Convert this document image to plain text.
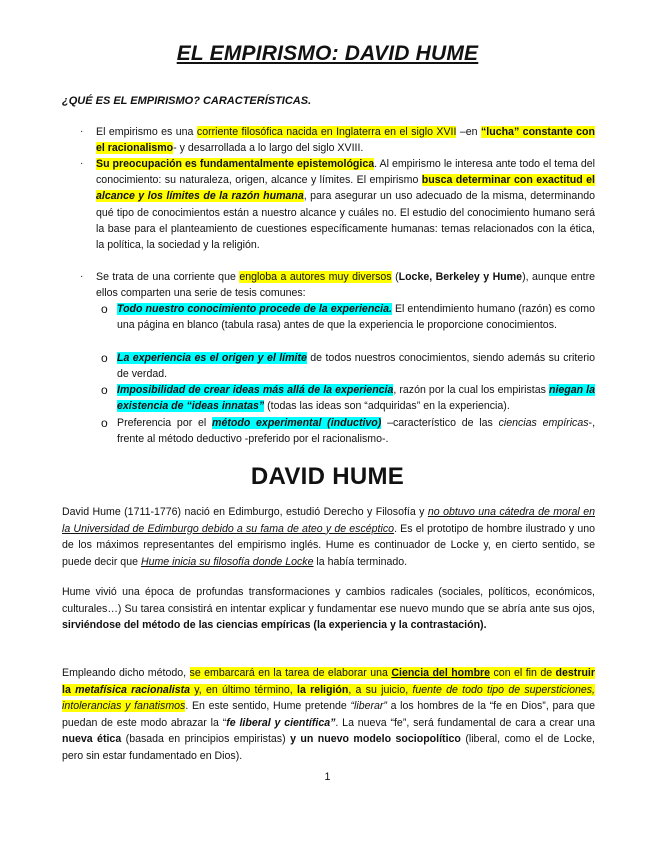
EL EMPIRISMO: DAVID HUME
¿QUÉ ES EL EMPIRISMO? CARACTERÍSTICAS.
· El empirismo es una corriente filosófica nacida en Inglaterra en el siglo XVII –en “lucha” constante con el racionalismo- y desarrollada a lo largo del siglo XVIII.
· Su preocupación es fundamentalmente epistemológica. Al empirismo le interesa ante todo el tema del conocimiento: su naturaleza, origen, alcance y límites. El empirismo busca determinar con exactitud el alcance y los límites de la razón humana, para asegurar un uso adecuado de la misma, determinando qué tipo de conocimientos están a nuestro alcance y cuáles no. El estudio del conocimiento humano será la base para el planteamiento de cuestiones específicamente humanas: temas relacionados con la ética, la política, la sociedad y la religión.
· Se trata de una corriente que engloba a autores muy diversos (Locke, Berkeley y Hume), aunque entre ellos comparten una serie de tesis comunes:
o Todo nuestro conocimiento procede de la experiencia. El entendimiento humano (razón) es como una página en blanco (tabula rasa) antes de que la experiencia le proporcione conocimientos.
o La experiencia es el origen y el límite de todos nuestros conocimientos, siendo además su criterio de verdad.
o Imposibilidad de crear ideas más allá de la experiencia, razón por la cual los empiristas niegan la existencia de “ideas innatas” (todas las ideas son “adquiridas” en la experiencia).
o Preferencia por el método experimental (inductivo) –característico de las ciencias empíricas-, frente al método deductivo -preferido por el racionalismo-.
DAVID HUME
David Hume (1711-1776) nació en Edimburgo, estudió Derecho y Filosofía y no obtuvo una cátedra de moral en la Universidad de Edimburgo debido a su fama de ateo y de escéptico. Es el prototipo de hombre ilustrado y uno de los máximos representantes del empirismo inglés. Hume es continuador de Locke y, en cierto sentido, se puede decir que Hume inicia su filosofía donde Locke la había terminado.
Hume vivió una época de profundas transformaciones y cambios radicales (sociales, políticos, económicos, culturales…) Su tarea consistirá en intentar explicar y fundamentar ese nuevo mundo que se abría ante sus ojos, sirviéndose del método de las ciencias empíricas (la experiencia y la contrastación).
Empleando dicho método, se embarcará en la tarea de elaborar una Ciencia del hombre con el fin de destruir la metafísica racionalista y, en último término, la religión, a su juicio, fuente de todo tipo de supersticiones, intolerancias y fanatismos. En este sentido, Hume pretende “liberar” a los hombres de la “fe en Dios”, para que puedan de este modo abrazar la “fe liberal y científica”. La nueva “fe”, será fundamental de cara a crear una nueva ética (basada en principios empiristas) y un nuevo modelo sociopolítico (liberal, como el de Locke, pero sin estar fundamentado en Dios).
1
